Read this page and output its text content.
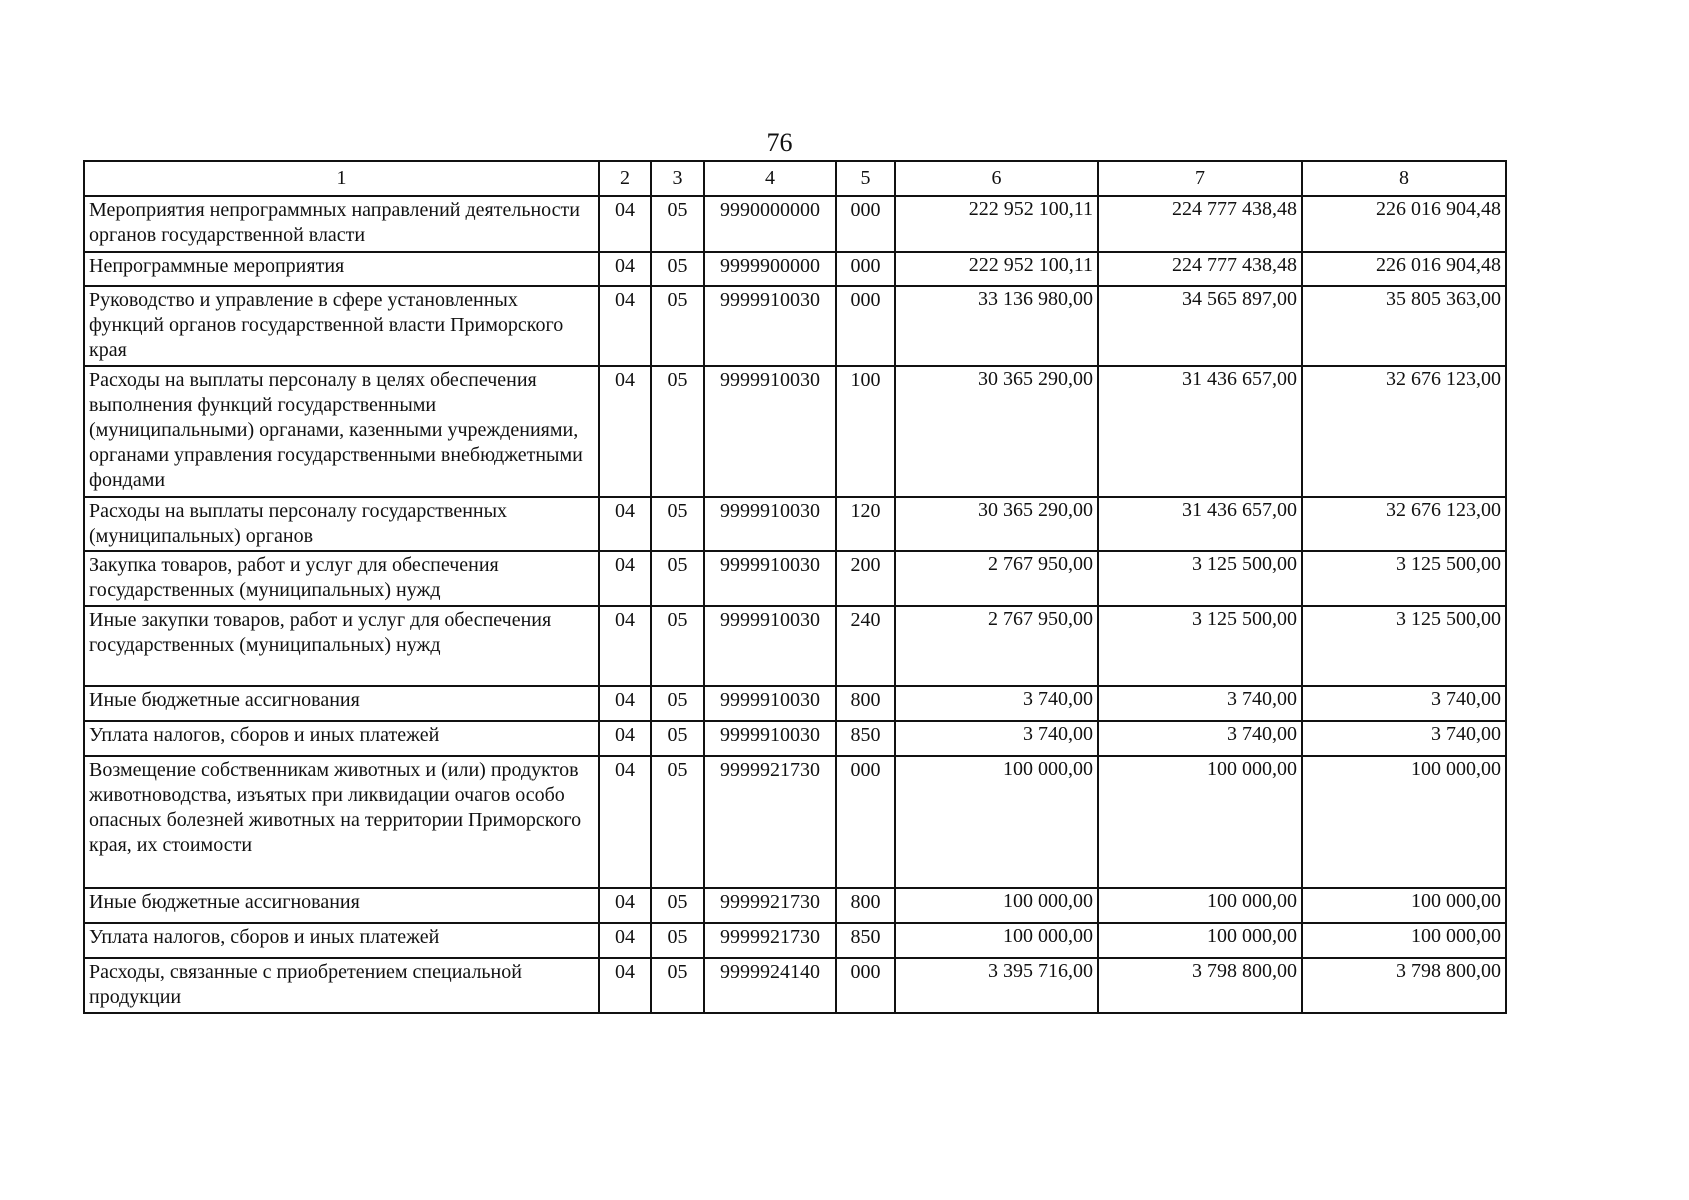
76
1	2	3	4	5	6	7	8
Мероприятия непрограммных направлений деятельности органов государственной власти	04	05	9990000000	000	222 952 100,11	224 777 438,48	226 016 904,48
Непрограммные мероприятия	04	05	9999900000	000	222 952 100,11	224 777 438,48	226 016 904,48
Руководство и управление в сфере установленных функций органов государственной власти Приморского края	04	05	9999910030	000	33 136 980,00	34 565 897,00	35 805 363,00
Расходы на выплаты персоналу в целях обеспечения выполнения функций государственными (муниципальными) органами, казенными учреждениями, органами управления государственными внебюджетными фондами	04	05	9999910030	100	30 365 290,00	31 436 657,00	32 676 123,00
Расходы на выплаты персоналу государственных (муниципальных) органов	04	05	9999910030	120	30 365 290,00	31 436 657,00	32 676 123,00
Закупка товаров, работ и услуг для обеспечения государственных (муниципальных) нужд	04	05	9999910030	200	2 767 950,00	3 125 500,00	3 125 500,00
Иные закупки товаров, работ и услуг для обеспечения государственных (муниципальных) нужд	04	05	9999910030	240	2 767 950,00	3 125 500,00	3 125 500,00
Иные бюджетные ассигнования	04	05	9999910030	800	3 740,00	3 740,00	3 740,00
Уплата налогов, сборов и иных платежей	04	05	9999910030	850	3 740,00	3 740,00	3 740,00
Возмещение собственникам животных и (или) продуктов животноводства, изъятых при ликвидации очагов особо опасных болезней животных на территории Приморского края, их стоимости	04	05	9999921730	000	100 000,00	100 000,00	100 000,00
Иные бюджетные ассигнования	04	05	9999921730	800	100 000,00	100 000,00	100 000,00
Уплата налогов, сборов и иных платежей	04	05	9999921730	850	100 000,00	100 000,00	100 000,00
Расходы, связанные с приобретением специальной продукции	04	05	9999924140	000	3 395 716,00	3 798 800,00	3 798 800,00
